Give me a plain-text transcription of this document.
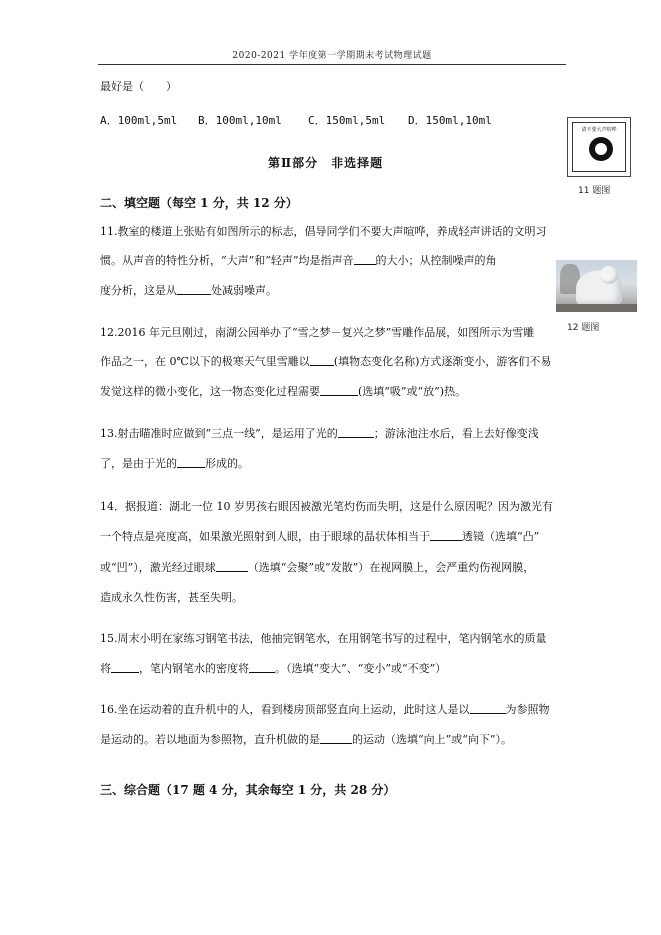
2020-2021 学年度第一学期期末考试物理试题
最好是（　　）
A．100ml,5ml B．100ml,10ml C．150ml,5ml D．150ml,10ml
请不要大声喧哗
11 题图
第Ⅱ部分　非选择题
二、填空题（每空 1 分，共 12 分）
11.教室的楼道上张贴有如图所示的标志，倡导同学们不要大声喧哗，养成轻声讲话的文明习
惯。从声音的特性分析，“大声”和“轻声”均是指声音 的大小；从控制噪声的角
度分析，这是从	处减弱噪声。
12 题图
12.2016 年元旦刚过，南湖公园举办了“雪之梦－复兴之梦”雪雕作品展，如图所示为雪雕
作品之一，在 0℃以下的极寒天气里雪雕以 (填物态变化名称)方式逐渐变小，游客们不易
发觉这样的微小变化，这一物态变化过程需要	(选填“吸”或“放”)热。
13.射击瞄准时应做到“三点一线”，是运用了光的	；游泳池注水后，看上去好像变浅
了，是由于光的	形成的。
14．据报道：湖北一位 10 岁男孩右眼因被激光笔灼伤而失明，这是什么原因呢？因为激光有
一个特点是亮度高，如果激光照射到人眼，由于眼球的晶状体相当于	透镜（选填“凸”
或“凹”），激光经过眼球	（选填“会聚”或“发散”）在视网膜上，会严重灼伤视网膜，
造成永久性伤害，甚至失明。
15.周末小明在家练习钢笔书法，他抽完钢笔水，在用钢笔书写的过程中，笔内钢笔水的质量
将	，笔内钢笔水的密度将 。（选填“变大”、“变小”或“不变”）
16.坐在运动着的直升机中的人，看到楼房顶部竖直向上运动，此时这人是以	为参照物
是运动的。若以地面为参照物，直升机做的是	的运动（选填“向上”或“向下”）。
三、综合题（17 题 4 分，其余每空 1 分，共 28 分）
